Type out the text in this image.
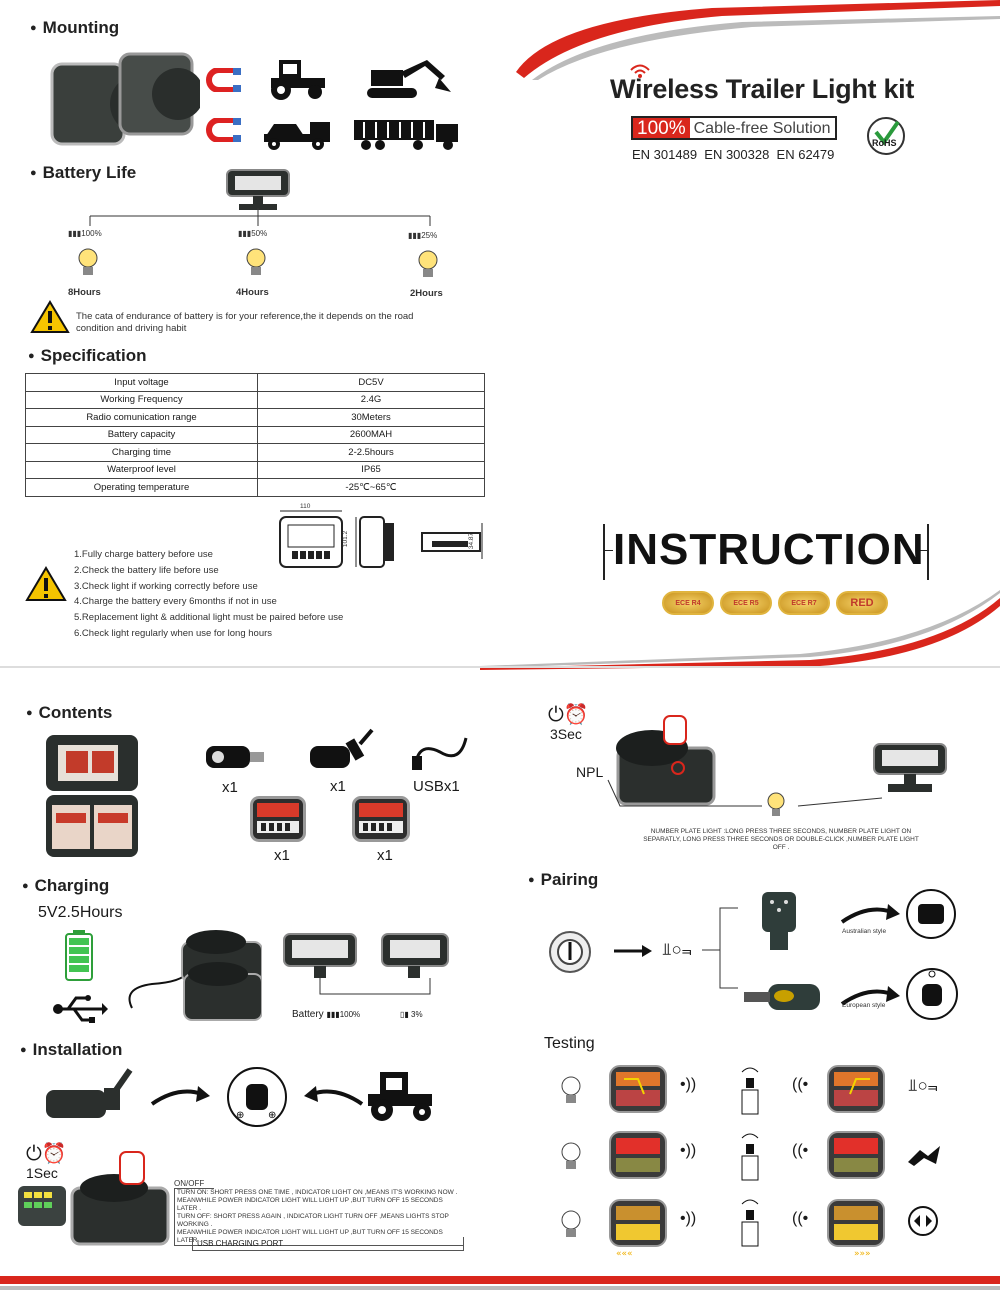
● Mounting
● Battery Life
▮▮▮100%	▮▮▮50%	▮▮▮25%
8Hours	4Hours	2Hours
The cata of endurance of battery is for your reference,the it depends on the road condition and driving habit
● Specification
Input voltage	DC5V
Working Frequency	2.4G
Radio comunication range	30Meters
Battery capacity	2600MAH
Charging time	2-2.5hours
Waterproof level	IP65
Operating temperature	-25℃~65℃
110
101.2	34.87
1.Fully charge battery before use
2.Check the battery life before use
3.Check light if working correctly before use
4.Charge the battery every 6months if not in use
5.Replacement light & additional light must be paired before use
6.Check light regularly when use for long hours
Wireless Trailer Light kit
100% Cable-free Solution
RoHS
EN 301489  EN 300328  EN 62479
INSTRUCTION
ECE R4	ECE R5	ECE R7	RED
● Contents
x1	x1	USBx1
x1	x1
⏻⏰
3Sec
NPL
NUMBER PLATE LIGHT :LONG PRESS THREE SECONDS, NUMBER PLATE LIGHT ON SEPARATLY, LONG PRESS THREE SECONDS OR DOUBLE-CLICK ,NUMBER PLATE LIGHT OFF .
● Charging
5V2.5Hours
Battery ▮▮▮100%	▯▮ 3%
● Pairing
⫫○⫬
Australian style
European style
● Installation
⊕ ⊕
⏻⏰
1Sec
ON/OFF
TURN ON: SHORT PRESS ONE TIME , INDICATOR LIGHT ON ,MEANS IT'S WORKING NOW .
MEANWHILE POWER INDICATOR LIGHT WILL LIGHT UP ,BUT TURN OFF 15 SECONDS LATER .
TURN OFF: SHORT PRESS AGAIN , INDICATOR LIGHT TURN OFF ,MEANS LIGHTS STOP WORKING .
MEANWHILE POWER INDICATOR LIGHT WILL LIGHT UP ,BUT TURN OFF 15 SECONDS LATER .
USB CHARGING PORT
Testing
•))	((•	⫫○⫬
•))	((•
«««
•))	((•
»»»
